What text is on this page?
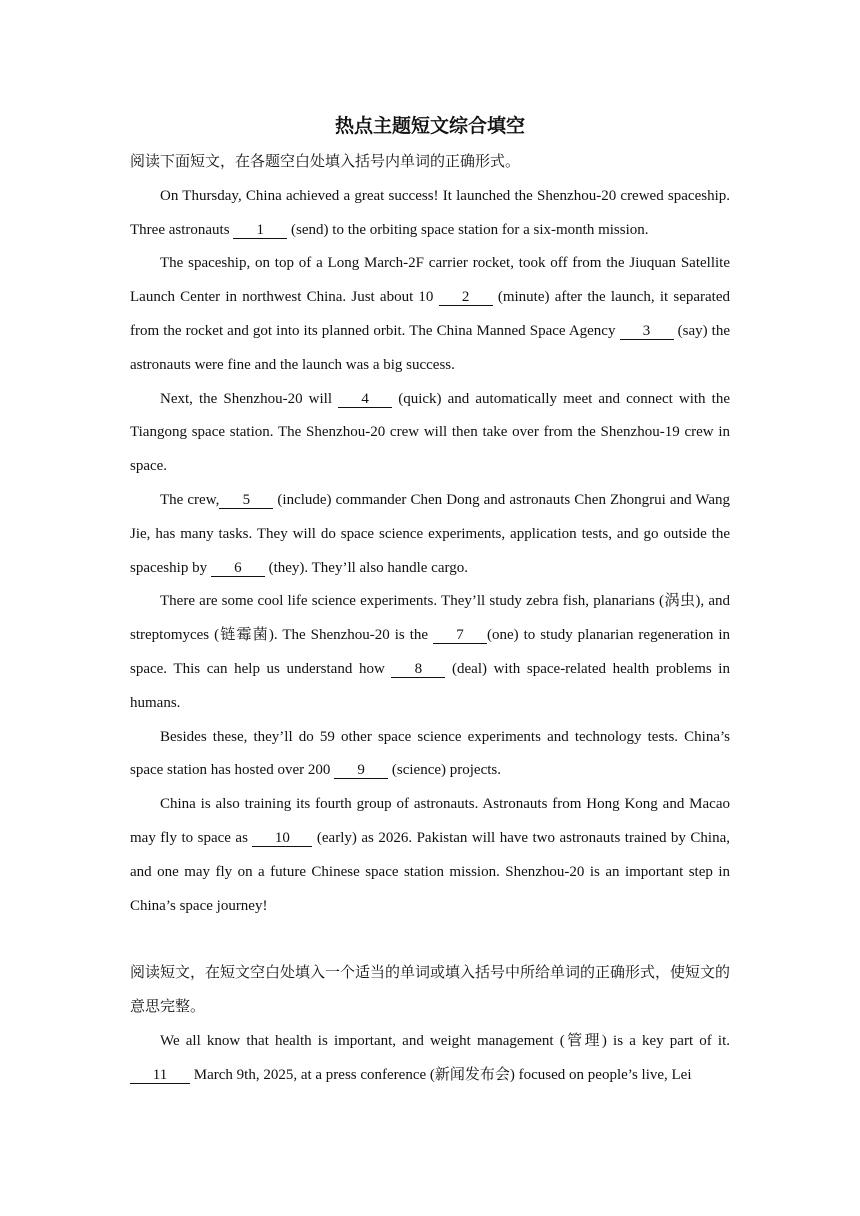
热点主题短文综合填空

阅读下面短文，在各题空白处填入括号内单词的正确形式。

On Thursday, China achieved a great success! It launched the Shenzhou-20 crewed spaceship. Three astronauts 1 (send) to the orbiting space station for a six-month mission.

The spaceship, on top of a Long March-2F carrier rocket, took off from the Jiuquan Satellite Launch Center in northwest China. Just about 10 2 (minute) after the launch, it separated from the rocket and got into its planned orbit. The China Manned Space Agency 3 (say) the astronauts were fine and the launch was a big success.

Next, the Shenzhou-20 will 4 (quick) and automatically meet and connect with the Tiangong space station. The Shenzhou-20 crew will then take over from the Shenzhou-19 crew in space.

The crew, 5 (include) commander Chen Dong and astronauts Chen Zhongrui and Wang Jie, has many tasks. They will do space science experiments, application tests, and go outside the spaceship by 6 (they). They’ll also handle cargo.

There are some cool life science experiments. They’ll study zebra fish, planarians (涡虫), and streptomyces (链霉菌). The Shenzhou-20 is the 7 (one) to study planarian regeneration in space. This can help us understand how 8 (deal) with space-related health problems in humans.

Besides these, they’ll do 59 other space science experiments and technology tests. China’s space station has hosted over 200 9 (science) projects.

China is also training its fourth group of astronauts. Astronauts from Hong Kong and Macao may fly to space as 10 (early) as 2026. Pakistan will have two astronauts trained by China, and one may fly on a future Chinese space station mission. Shenzhou-20 is an important step in China’s space journey!

阅读短文，在短文空白处填入一个适当的单词或填入括号中所给单词的正确形式，使短文的意思完整。

We all know that health is important, and weight management (管理) is a key part of it. 11 March 9th, 2025, at a press conference (新闻发布会) focused on people’s live, Lei
